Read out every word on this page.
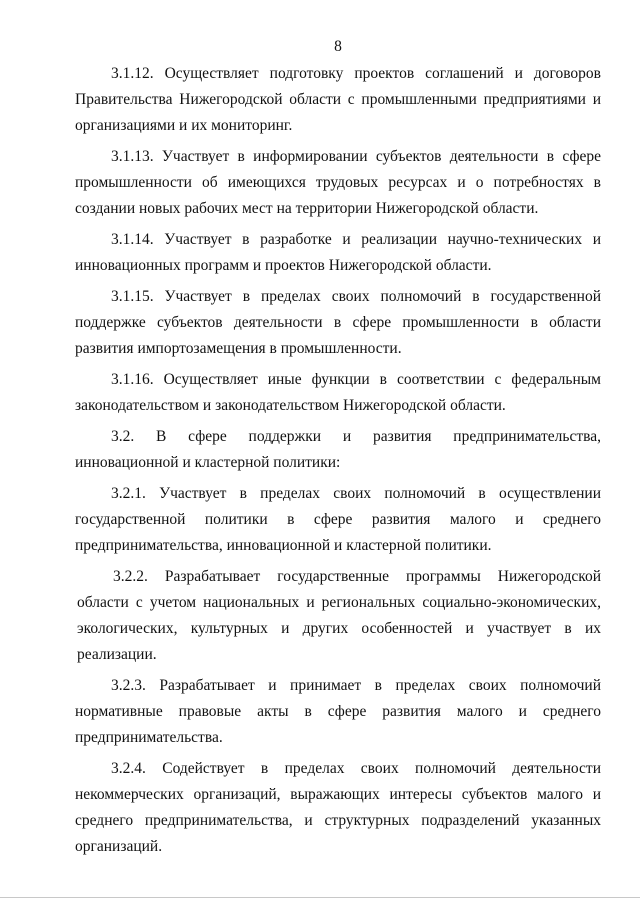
8

3.1.12. Осуществляет подготовку проектов соглашений и договоров Правительства Нижегородской области с промышленными предприятиями и организациями и их мониторинг.

3.1.13. Участвует в информировании субъектов деятельности в сфере промышленности об имеющихся трудовых ресурсах и о потребностях в создании новых рабочих мест на территории Нижегородской области.

3.1.14. Участвует в разработке и реализации научно-технических и инновационных программ и проектов Нижегородской области.

3.1.15. Участвует в пределах своих полномочий в государственной поддержке субъектов деятельности в сфере промышленности в области развития импортозамещения в промышленности.

3.1.16. Осуществляет иные функции в соответствии с федеральным законодательством и законодательством Нижегородской области.

3.2. В сфере поддержки и развития предпринимательства, инновационной и кластерной политики:

3.2.1. Участвует в пределах своих полномочий в осуществлении государственной политики в сфере развития малого и среднего предпринимательства, инновационной и кластерной политики.

3.2.2. Разрабатывает государственные программы Нижегородской области с учетом национальных и региональных социально-экономических, экологических, культурных и других особенностей и участвует в их реализации.

3.2.3. Разрабатывает и принимает в пределах своих полномочий нормативные правовые акты в сфере развития малого и среднего предпринимательства.

3.2.4. Содействует в пределах своих полномочий деятельности некоммерческих организаций, выражающих интересы субъектов малого и среднего предпринимательства, и структурных подразделений указанных организаций.
